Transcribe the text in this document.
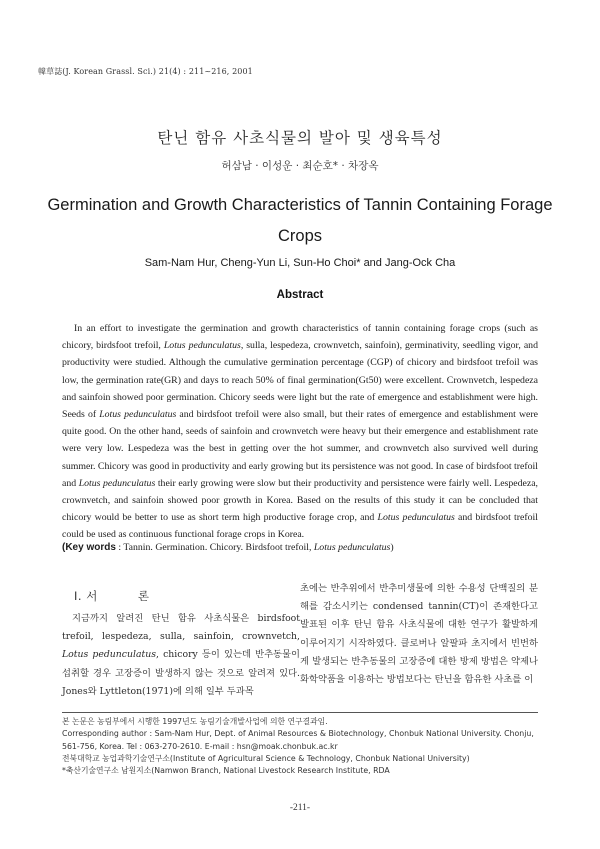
韓草誌(J. Korean Grassl. Sci.) 21(4) : 211~216, 2001
탄닌 함유 사초식물의 발아 및 생육특성
허삼남 · 이성운 · 최순호* · 차장옥
Germination and Growth Characteristics of Tannin Containing Forage Crops
Sam-Nam Hur, Cheng-Yun Li, Sun-Ho Choi* and Jang-Ock Cha
Abstract

In an effort to investigate the germination and growth characteristics of tannin containing forage crops (such as chicory, birdsfoot trefoil, Lotus pedunculatus, sulla, lespedeza, crownvetch, sainfoin), germinativity, seedling vigor, and productivity were studied. Although the cumulative germination percentage (CGP) of chicory and birdsfoot trefoil was low, the germination rate(GR) and days to reach 50% of final germination(Gt50) were excellent. Crownvetch, lespedeza and sainfoin showed poor germination. Chicory seeds were light but the rate of emergence and establishment were high. Seeds of Lotus pedunculatus and birdsfoot trefoil were also small, but their rates of emergence and establishment were quite good. On the other hand, seeds of sainfoin and crownvetch were heavy but their emergence and establishment rate were very low. Lespedeza was the best in getting over the hot summer, and crownvetch also survived well during summer. Chicory was good in productivity and early growing but its persistence was not good. In case of birdsfoot trefoil and Lotus pedunculatus their early growing were slow but their productivity and persistence were fairly well. Lespedeza, crownvetch, and sainfoin showed poor growth in Korea. Based on the results of this study it can be concluded that chicory would be better to use as short term high productive forage crop, and Lotus pedunculatus and birdsfoot trefoil could be used as continuous functional forage crops in Korea.

(Key words : Tannin. Germination. Chicory. Birdsfoot trefoil, Lotus pedunculatus)
Ⅰ. 서	론

지금까지 알려진 탄닌 함유 사초식물은 birdsfoot trefoil, lespedeza, sulla, sainfoin, crownvetch, Lotus pedunculatus, chicory 등이 있는데 반추동물이 섭취할 경우 고장증이 발생하지 않는 것으로 알려져 있다. Jones와 Lyttleton(1971)에 의해 일부 두과목

초에는 반추위에서 반추미생물에 의한 수용성 단백질의 분해를 감소시키는 condensed tannin(CT)이 존재한다고 발표된 이후 탄닌 함유 사초식물에 대한 연구가 활발하게 이루어지기 시작하였다. 클로버나 알팔파 초지에서 빈번하게 발생되는 반추동물의 고장증에 대한 방제 방법은 약제나 화학약품을 이용하는 방법보다는 탄닌을 함유한 사초를 이

본 논문은 농림부에서 시행한 1997년도 농림기술개발사업에 의한 연구결과임.
Corresponding author : Sam-Nam Hur, Dept. of Animal Resources & Biotechnology, Chonbuk National University. Chonju,
561-756, Korea. Tel : 063-270-2610. E-mail : hsn@moak.chonbuk.ac.kr
전북대학교 농업과학기술연구소(Institute of Agricultural Science & Technology, Chonbuk National University)
*축산기술연구소 남원지소(Namwon Branch, National Livestock Research Institute, RDA
-211-
